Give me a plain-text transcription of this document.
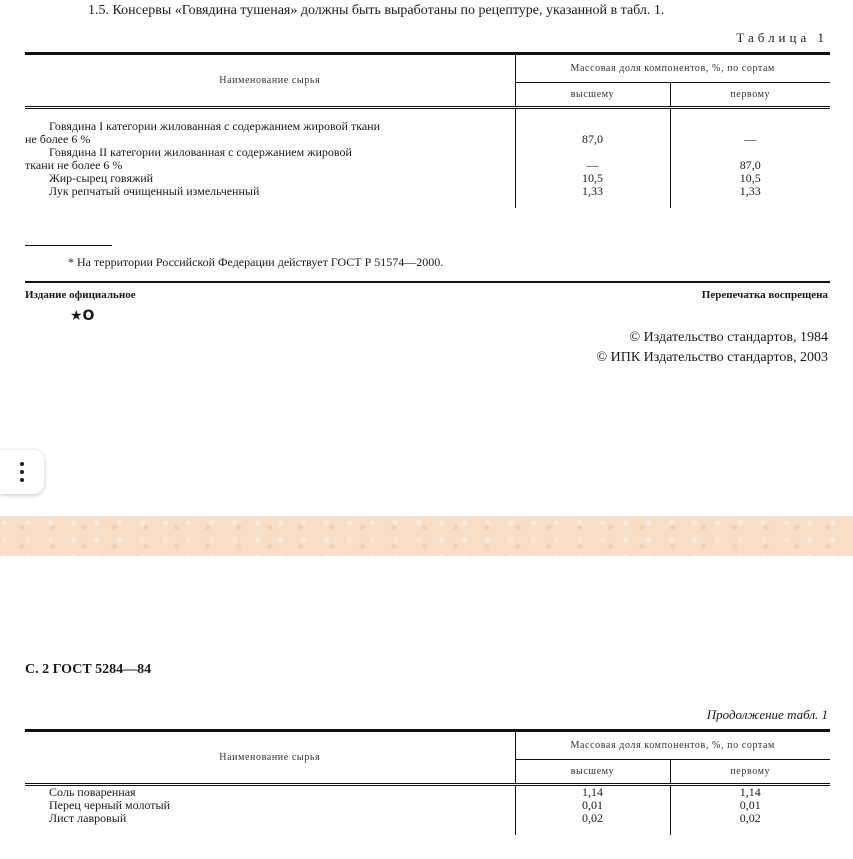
1.5. Консервы «Говядина тушеная» должны быть выработаны по рецептуре, указанной в табл. 1.
Таблица 1
Наименование сырья	Массовая доля компонентов, %, по сортам	
	высшему	первому

Говядина I категории жилованная с содержанием жировой ткани
не более 6 %	87,0	—

Говядина II категории жилованная с содержанием жировой
ткани не более 6 %	—	87,0

Жир-сырец говяжий	10,5	10,5

Лук репчатый очищенный измельченный	1,33	1,33

* На территории Российской Федерации действует ГОСТ Р 51574—2000.
Издание официальное	Перепечатка воспрещена
★О
© Издательство стандартов, 1984
© ИПК Издательство стандартов, 2003
С. 2 ГОСТ 5284—84
Продолжение табл. 1
Наименование сырья	Массовая доля компонентов, %, по сортам	
	высшему	первому

Соль поваренная	1,14	1,14

Перец черный молотый	0,01	0,01

Лист лавровый	0,02	0,02
